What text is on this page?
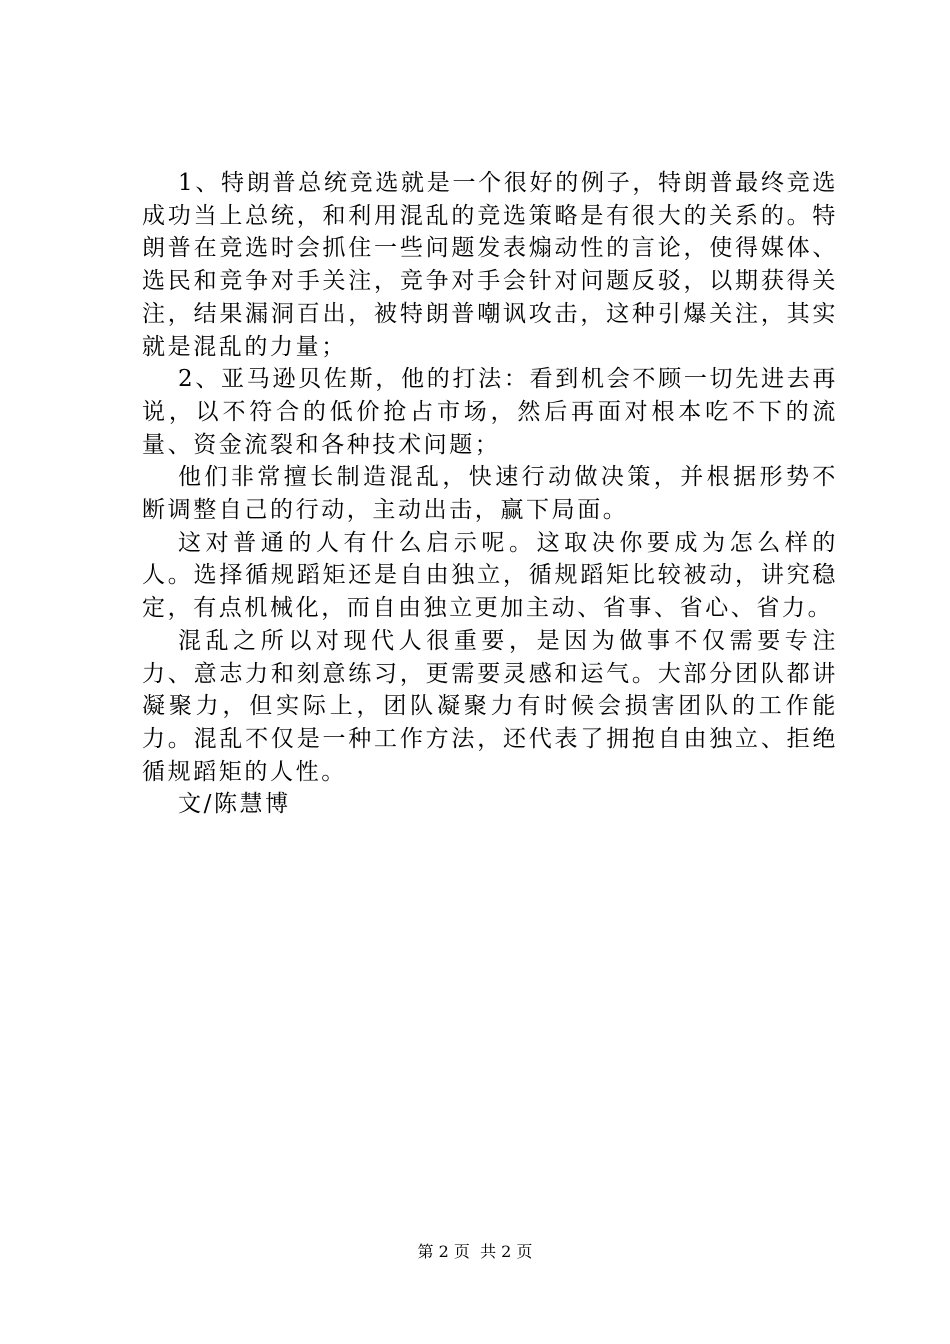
1、特朗普总统竞选就是一个很好的例子，特朗普最终竞选成功当上总统，和利用混乱的竞选策略是有很大的关系的。特朗普在竞选时会抓住一些问题发表煽动性的言论，使得媒体、选民和竞争对手关注，竞争对手会针对问题反驳，以期获得关注，结果漏洞百出，被特朗普嘲讽攻击，这种引爆关注，其实就是混乱的力量；

2、亚马逊贝佐斯，他的打法：看到机会不顾一切先进去再说，以不符合的低价抢占市场，然后再面对根本吃不下的流量、资金流裂和各种技术问题；

他们非常擅长制造混乱，快速行动做决策，并根据形势不断调整自己的行动，主动出击，赢下局面。

这对普通的人有什么启示呢。这取决你要成为怎么样的人。选择循规蹈矩还是自由独立，循规蹈矩比较被动，讲究稳定，有点机械化，而自由独立更加主动、省事、省心、省力。

混乱之所以对现代人很重要，是因为做事不仅需要专注力、意志力和刻意练习，更需要灵感和运气。大部分团队都讲凝聚力，但实际上，团队凝聚力有时候会损害团队的工作能力。混乱不仅是一种工作方法，还代表了拥抱自由独立、拒绝循规蹈矩的人性。

文/陈慧博

第 2 页  共 2 页
